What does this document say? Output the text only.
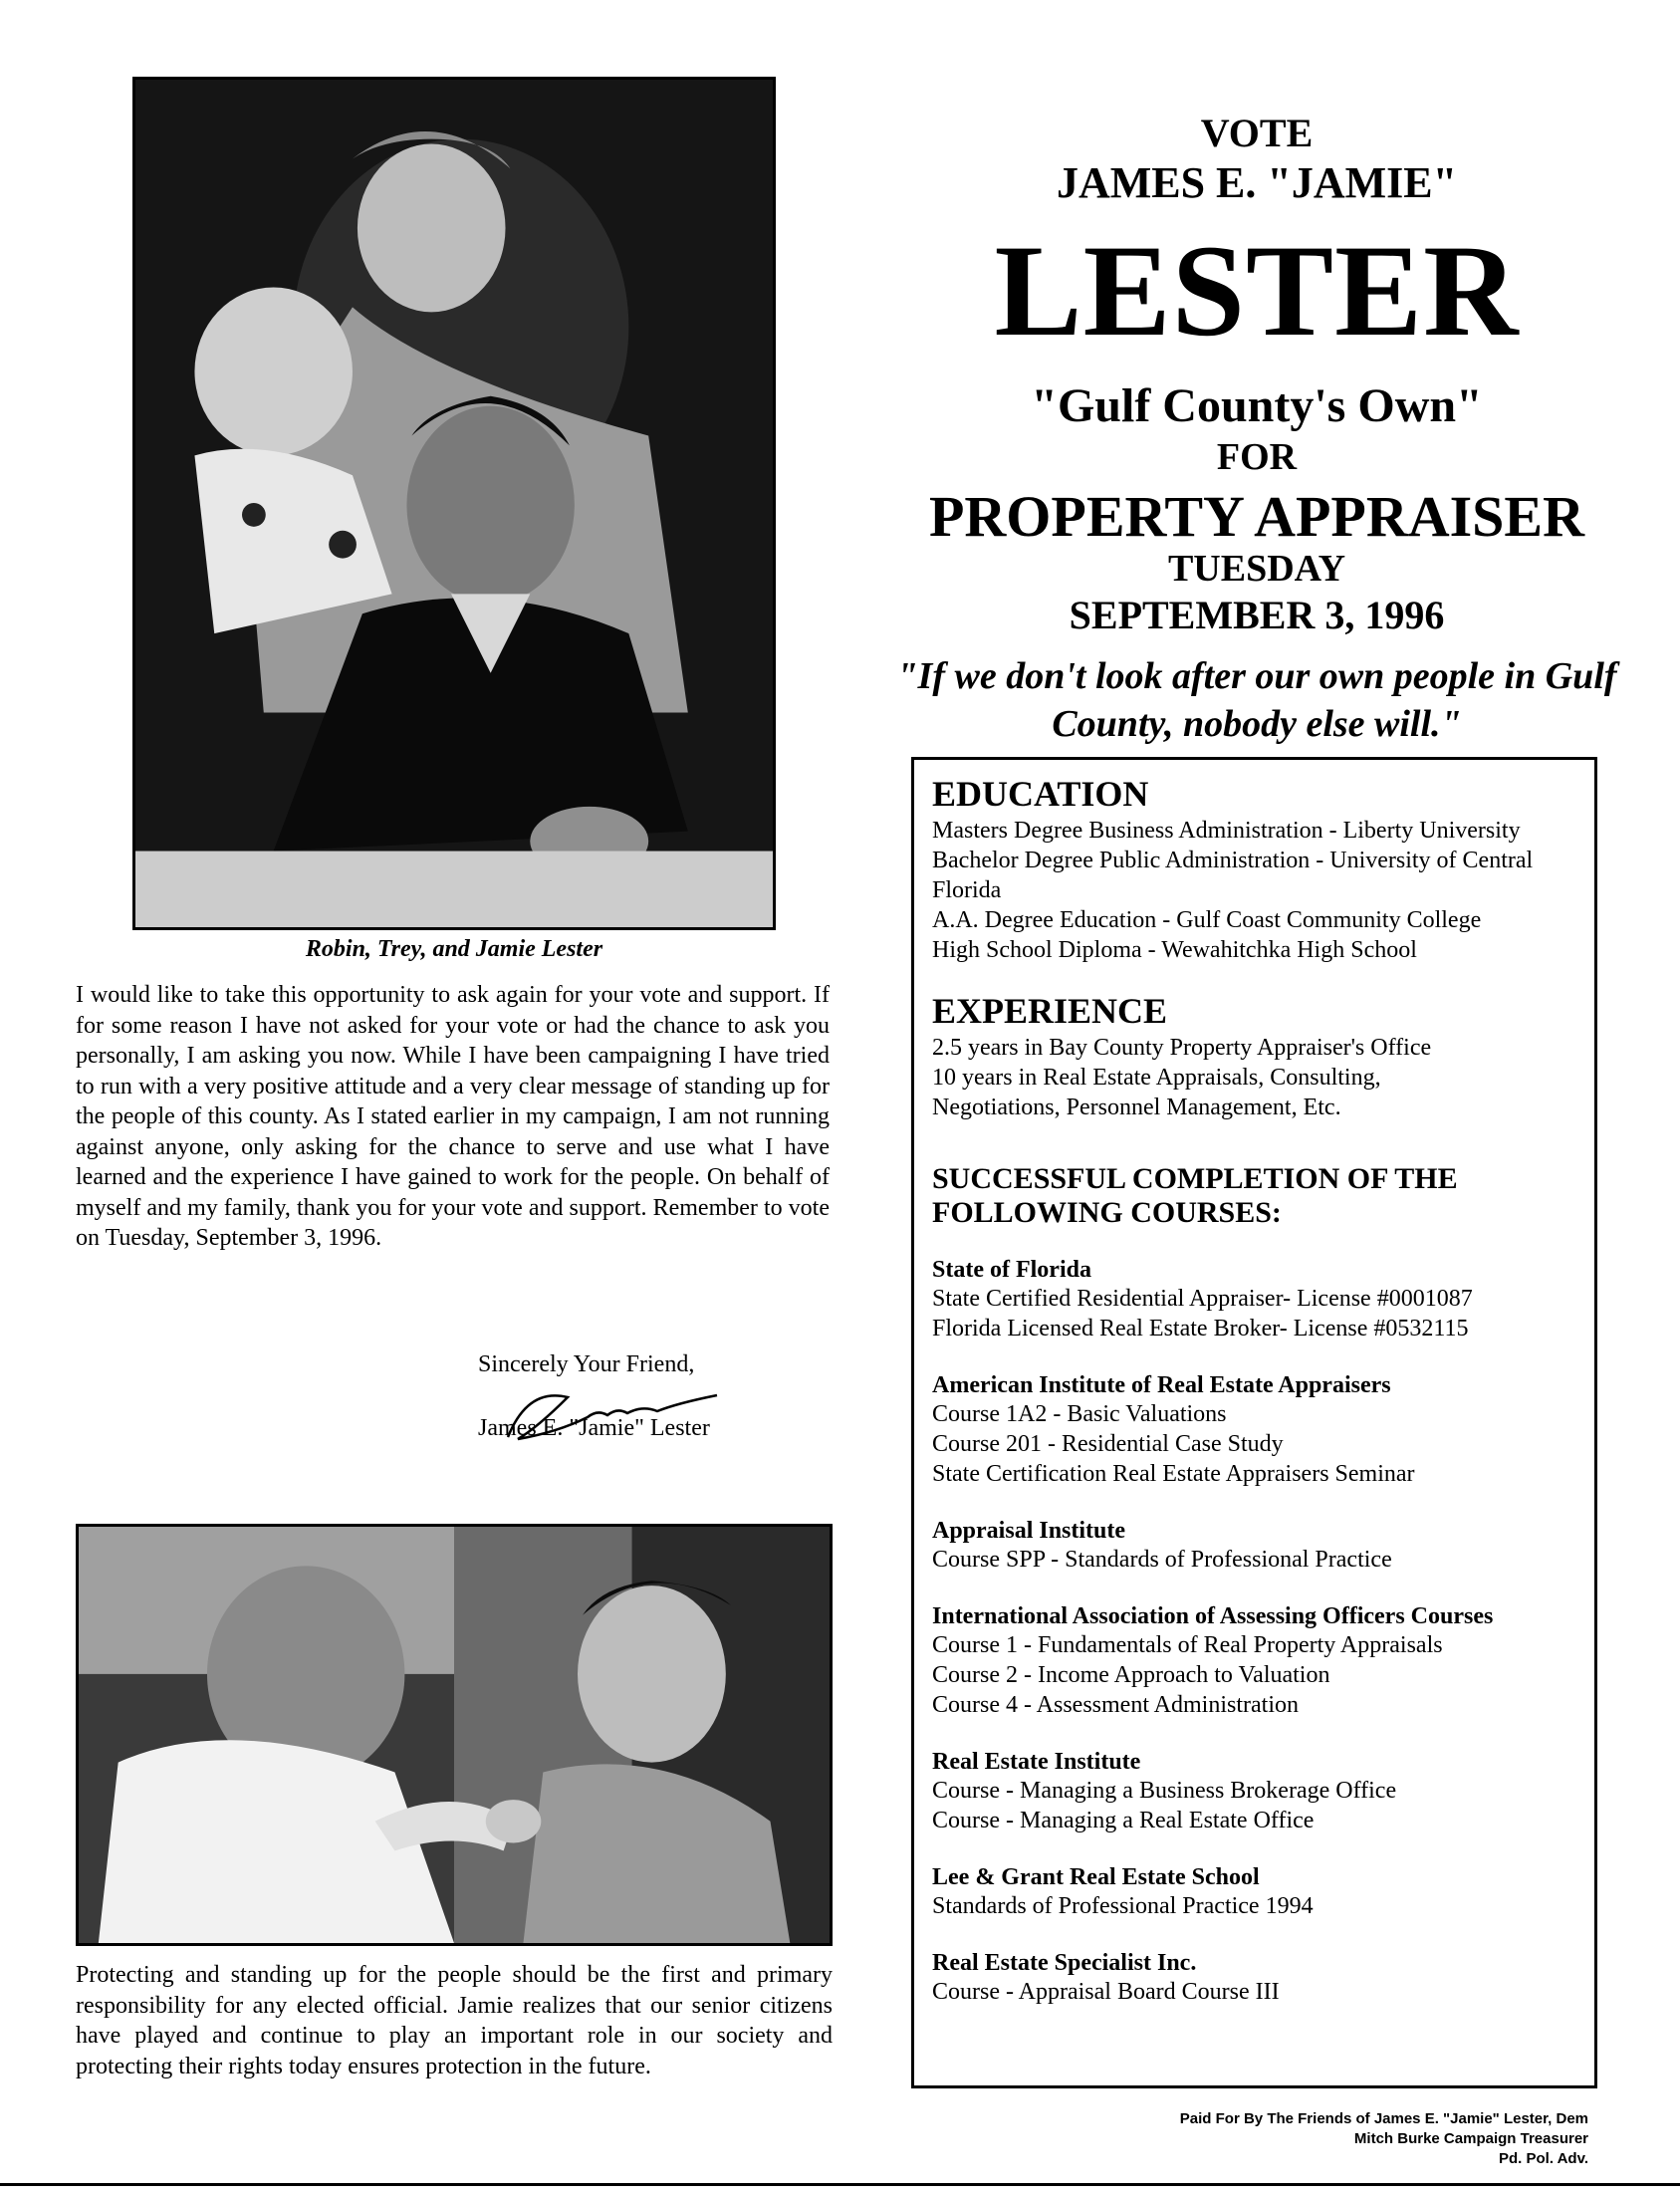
Robin, Trey, and Jamie Lester
I would like to take this opportunity to ask again for your vote and support. If for some reason I have not asked for your vote or had the chance to ask you personally, I am asking you now. While I have been campaigning I have tried to run with a very positive attitude and a very clear message of standing up for the people of this county. As I stated earlier in my campaign, I am not running against anyone, only asking for the chance to serve and use what I have learned and the experience I have gained to work for the people. On behalf of myself and my family, thank you for your vote and support. Remember to vote on Tuesday, September 3, 1996.
Sincerely Your Friend,
James E. "Jamie" Lester
Protecting and standing up for the people should be the first and primary responsibility for any elected official. Jamie realizes that our senior citizens have played and continue to play an important role in our society and protecting their rights today ensures protection in the future.
VOTE
JAMES E. "JAMIE"
LESTER
"Gulf County's Own"
FOR
PROPERTY APPRAISER
TUESDAY
SEPTEMBER 3, 1996
"If we don't look after our own people in Gulf County, nobody else will."
EDUCATION
Masters Degree Business Administration - Liberty University
Bachelor Degree Public Administration - University of Central Florida
A.A. Degree Education - Gulf Coast Community College
High School Diploma - Wewahitchka High School
EXPERIENCE
2.5 years in Bay County Property Appraiser's Office
10 years in Real Estate Appraisals, Consulting,
Negotiations, Personnel Management, Etc.
SUCCESSFUL COMPLETION OF THE
FOLLOWING COURSES:
State of Florida
State Certified Residential Appraiser- License #0001087
Florida Licensed Real Estate Broker- License #0532115
American Institute of Real Estate Appraisers
Course 1A2 - Basic Valuations
Course 201 - Residential Case Study
State Certification Real Estate Appraisers Seminar
Appraisal Institute
Course SPP - Standards of Professional Practice
International Association of Assessing Officers Courses
Course 1 - Fundamentals of Real Property Appraisals
Course 2 - Income Approach to Valuation
Course 4 - Assessment Administration
Real Estate Institute
Course - Managing a Business Brokerage Office
Course - Managing a Real Estate Office
Lee & Grant Real Estate School
Standards of Professional Practice 1994
Real Estate Specialist Inc.
Course - Appraisal Board Course III
Paid For By The Friends of James E. "Jamie" Lester, Dem
Mitch Burke Campaign Treasurer
Pd. Pol. Adv.
